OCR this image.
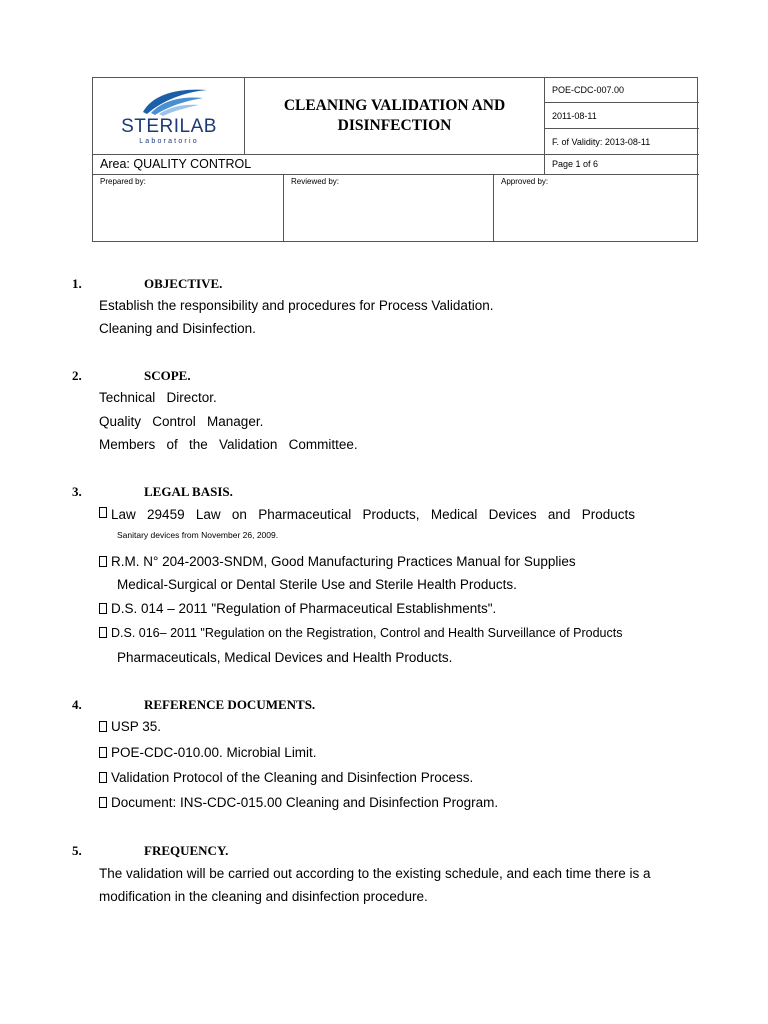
STERILAB
Laboratorio
CLEANING VALIDATION AND
DISINFECTION
POE-CDC-007.00
2011-08-11
F. of Validity: 2013-08-11
Area: QUALITY CONTROL	Page 1 of 6
Prepared by:	Reviewed by:	Approved by:
1.	OBJECTIVE.
Establish the responsibility and procedures for Process Validation.
Cleaning and Disinfection.
2.	SCOPE.
Technical   Director.
Quality   Control   Manager.
Members   of   the   Validation   Committee.
3.	LEGAL BASIS.
Law 29459 Law on Pharmaceutical Products, Medical Devices and Products
Sanitary devices from November 26, 2009.
R.M. N° 204-2003-SNDM, Good Manufacturing Practices Manual for Supplies
Medical-Surgical or Dental Sterile Use and Sterile Health Products.
D.S. 014 – 2011 "Regulation of Pharmaceutical Establishments".
D.S. 016– 2011 "Regulation on the Registration, Control and Health Surveillance of Products
Pharmaceuticals, Medical Devices and Health Products.
4.	REFERENCE DOCUMENTS.
USP 35.
POE-CDC-010.00. Microbial Limit.
Validation Protocol of the Cleaning and Disinfection Process.
Document: INS-CDC-015.00 Cleaning and Disinfection Program.
5.	FREQUENCY.
The validation will be carried out according to the existing schedule, and each time there is a
modification in the cleaning and disinfection procedure.
